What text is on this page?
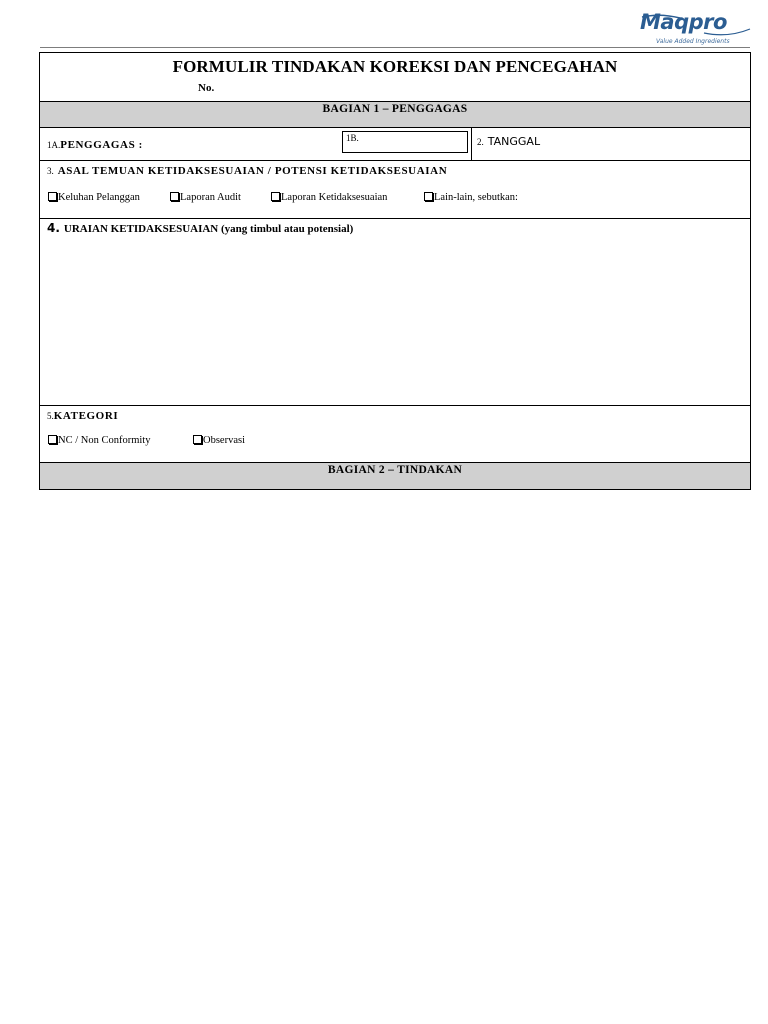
Maqpro
Value Added Ingredients
FORMULIR TINDAKAN KOREKSI DAN PENCEGAHAN
No.
BAGIAN 1 – PENGGAGAS
1A.PENGGAGAS :
1B.	2. TANGGAL
3. ASAL TEMUAN KETIDAKSESUAIAN / POTENSI KETIDAKSESUAIAN
Keluhan Pelanggan	Laporan Audit	Laporan Ketidaksesuaian	Lain-lain, sebutkan:
4. URAIAN KETIDAKSESUAIAN (yang timbul atau potensial)
5.KATEGORI
NC / Non Conformity	Observasi
BAGIAN 2 – TINDAKAN
